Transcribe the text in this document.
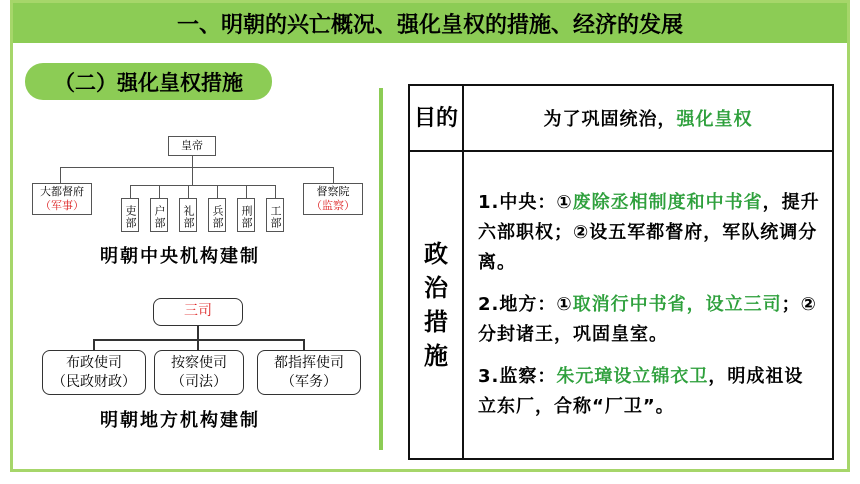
一、明朝的兴亡概况、强化皇权的措施、经济的发展
（二）强化皇权措施
皇帝
大都督府
（军事）
督察院
（监察）
吏部 户部 礼部 兵部 刑部 工部
明朝中央机构建制
三司
布政使司
（民政财政）
按察使司
（司法）
都指挥使司
（军务）
明朝地方机构建制
目的	为了巩固统治，强化皇权
政治措施	1.中央：①废除丞相制度和中书省，提升六部职权；②设五军都督府，军队统调分离。

2.地方：①取消行中书省，设立三司；②分封诸王，巩固皇室。

3.监察：朱元璋设立锦衣卫，明成祖设立东厂，合称“厂卫”。
